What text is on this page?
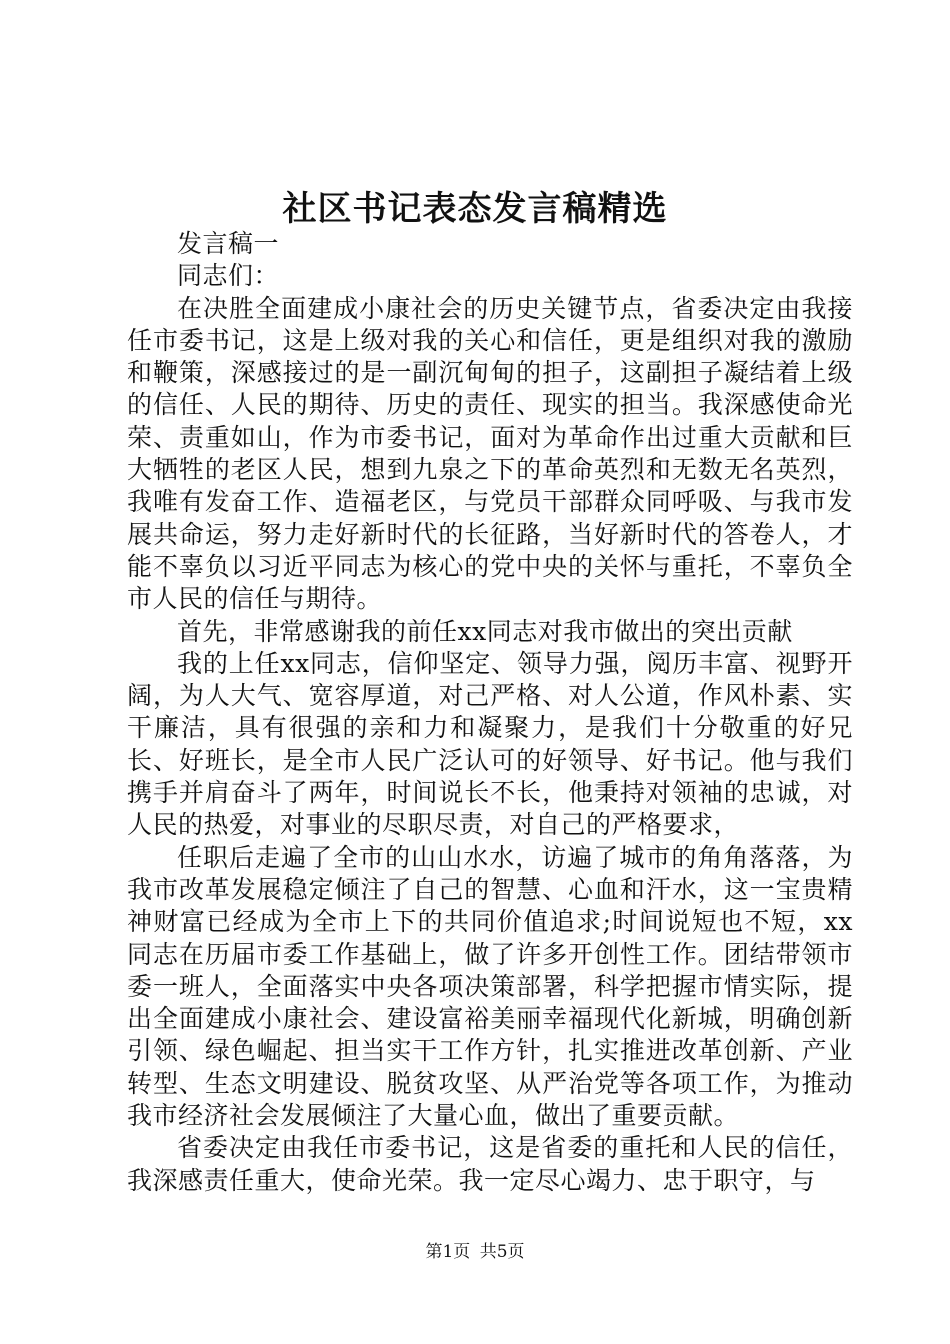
社区书记表态发言稿精选

发言稿一

同志们：

在决胜全面建成小康社会的历史关键节点，省委决定由我接任市委书记，这是上级对我的关心和信任，更是组织对我的激励和鞭策，深感接过的是一副沉甸甸的担子，这副担子凝结着上级的信任、人民的期待、历史的责任、现实的担当。我深感使命光荣、责重如山，作为市委书记，面对为革命作出过重大贡献和巨大牺牲的老区人民，想到九泉之下的革命英烈和无数无名英烈，我唯有发奋工作、造福老区，与党员干部群众同呼吸、与我市发展共命运，努力走好新时代的长征路，当好新时代的答卷人，才能不辜负以习近平同志为核心的党中央的关怀与重托，不辜负全市人民的信任与期待。

首先，非常感谢我的前任xx同志对我市做出的突出贡献

我的上任xx同志，信仰坚定、领导力强，阅历丰富、视野开阔，为人大气、宽容厚道，对己严格、对人公道，作风朴素、实干廉洁，具有很强的亲和力和凝聚力，是我们十分敬重的好兄长、好班长，是全市人民广泛认可的好领导、好书记。他与我们携手并肩奋斗了两年，时间说长不长，他秉持对领袖的忠诚，对人民的热爱，对事业的尽职尽责，对自己的严格要求，

任职后走遍了全市的山山水水，访遍了城市的角角落落，为我市改革发展稳定倾注了自己的智慧、心血和汗水，这一宝贵精神财富已经成为全市上下的共同价值追求;时间说短也不短，xx同志在历届市委工作基础上，做了许多开创性工作。团结带领市委一班人，全面落实中央各项决策部署，科学把握市情实际，提出全面建成小康社会、建设富裕美丽幸福现代化新城，明确创新引领、绿色崛起、担当实干工作方针，扎实推进改革创新、产业转型、生态文明建设、脱贫攻坚、从严治党等各项工作，为推动我市经济社会发展倾注了大量心血，做出了重要贡献。

省委决定由我任市委书记，这是省委的重托和人民的信任，我深感责任重大，使命光荣。我一定尽心竭力、忠于职守，与

第1页 共5页
